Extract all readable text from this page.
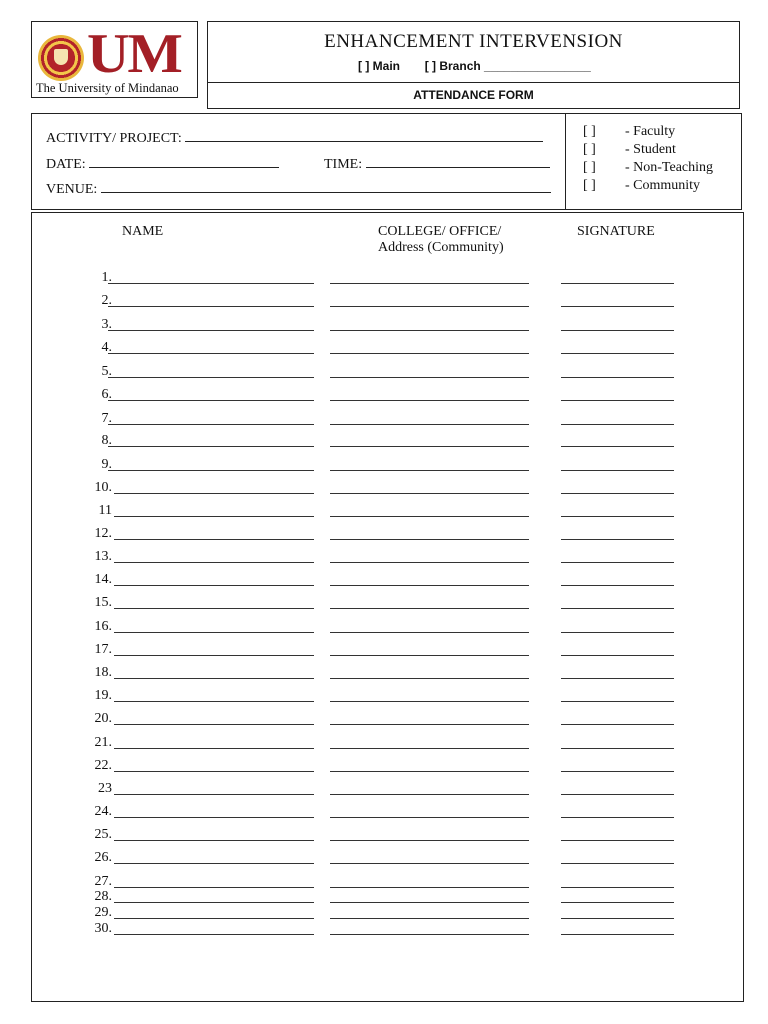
UM
The University of Mindanao
ENHANCEMENT INTERVENSION
[ ] Main [ ] Branch ________________
ATTENDANCE FORM
ACTIVITY/ PROJECT:
DATE:	TIME:
VENUE:
[ ] - Faculty
[ ] - Student
[ ] - Non-Teaching
[ ] - Community
NAME	COLLEGE/ OFFICE/
Address (Community)
SIGNATURE
1.
2.
3.
4.
5.
6.
7.
8.
9.
10.
11
12.
13.
14.
15.
16.
17.
18.
19.
20.
21.
22.
23
24.
25.
26.
27.
28.
29.
30.
